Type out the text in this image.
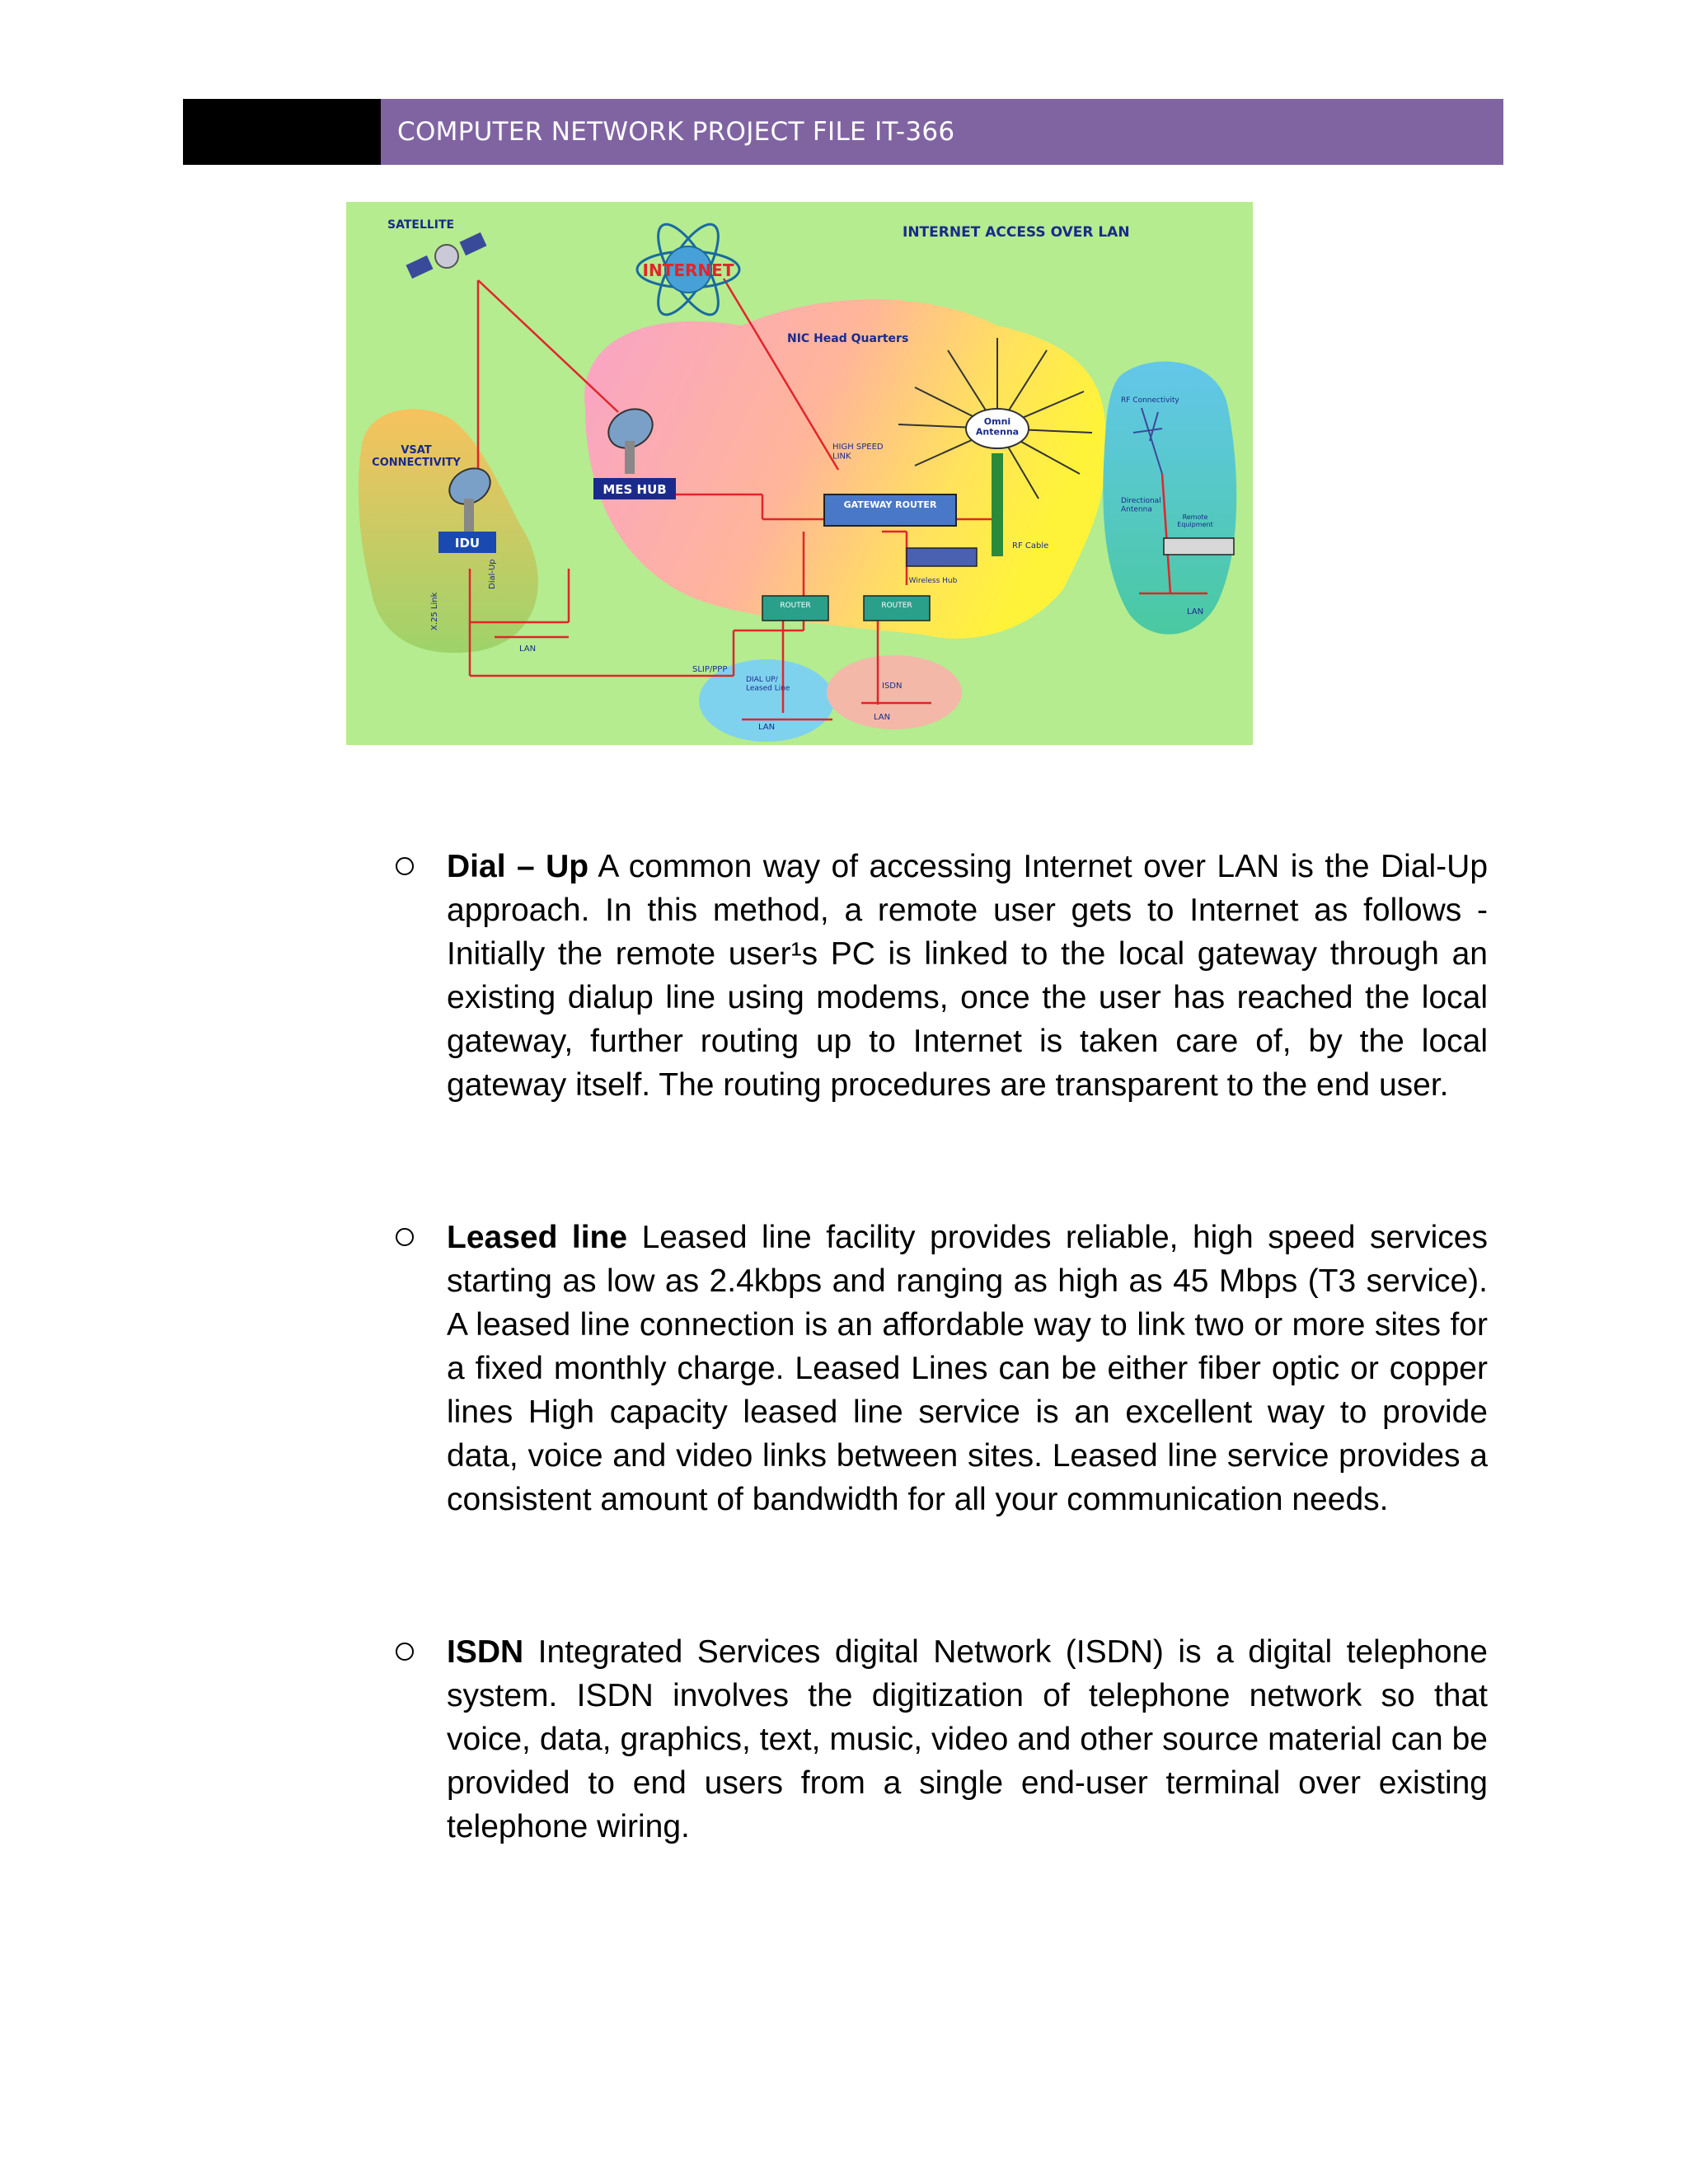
COMPUTER NETWORK PROJECT FILE IT-366
SATELLITE
INTERNET
INTERNET ACCESS OVER LAN
NIC Head Quarters
Omni Antenna
RF Cable
MES HUB
HIGH SPEED LINK
GATEWAY ROUTER
Wireless Hub
ROUTER	ROUTER
VSAT CONNECTIVITY
IDU
X.25 Link
Dial-Up
LAN
SLIP/PPP
DIAL UP/ Leased Line
LAN
ISDN
LAN
RF Connectivity
Directional Antenna
Remote Equipment
LAN

Dial – Up A common way of accessing Internet over LAN is the Dial-Up approach. In this method, a remote user gets to Internet as follows - Initially the remote user¹s PC is linked to the local gateway through an existing dialup line using modems, once the user has reached the local gateway, further routing up to Internet is taken care of, by the local gateway itself. The routing procedures are transparent to the end user.

Leased line Leased line facility provides reliable, high speed services starting as low as 2.4kbps and ranging as high as 45 Mbps (T3 service). A leased line connection is an affordable way to link two or more sites for a fixed monthly charge. Leased Lines can be either fiber optic or copper lines High capacity leased line service is an excellent way to provide data, voice and video links between sites. Leased line service provides a consistent amount of bandwidth for all your communication needs.

ISDN Integrated Services digital Network (ISDN) is a digital telephone system. ISDN involves the digitization of telephone network so that voice, data, graphics, text, music, video and other source material can be provided to end users from a single end-user terminal over existing telephone wiring.
